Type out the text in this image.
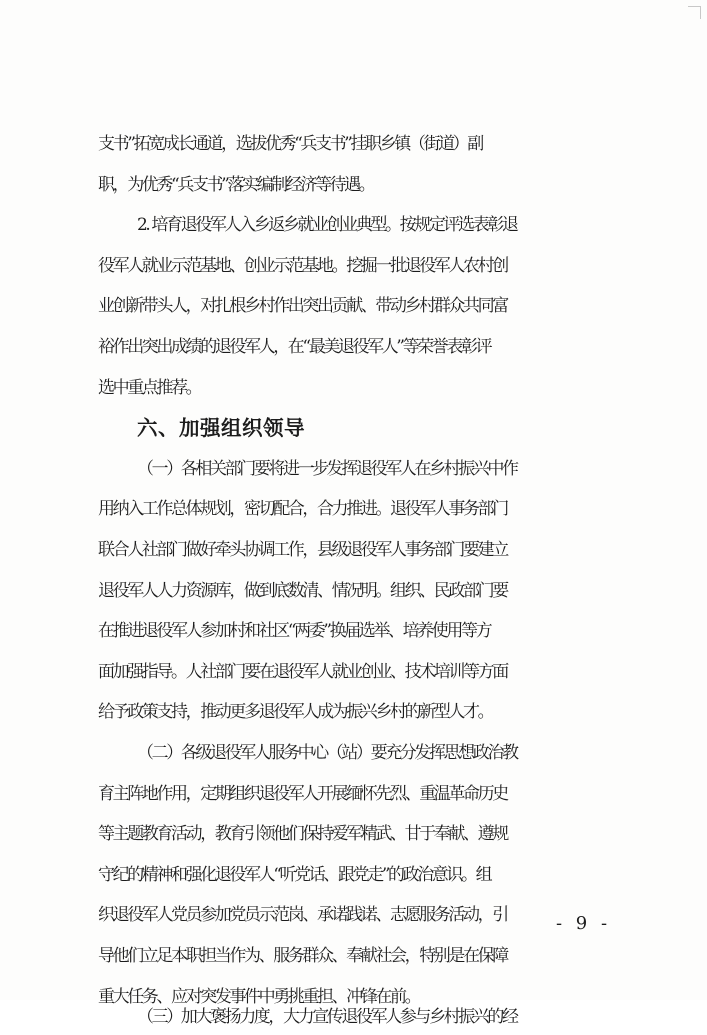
支书”拓宽成长通道，选拔优秀“兵支书”挂职乡镇（街道）副
职，为优秀“兵支书”落实编制经济等待遇。
2. 培育退役军人入乡返乡就业创业典型。按规定评选表彰退
役军人就业示范基地、创业示范基地。挖掘一批退役军人农村创
业创新带头人，对扎根乡村作出突出贡献、带动乡村群众共同富
裕作出突出成绩的退役军人，在“最美退役军人”等荣誉表彰评
选中重点推荐。
六、加强组织领导
（一）各相关部门要将进一步发挥退役军人在乡村振兴中作
用纳入工作总体规划，密切配合，合力推进。退役军人事务部门
联合人社部门做好牵头协调工作，县级退役军人事务部门要建立
退役军人人力资源库，做到底数清、情况明。组织、民政部门要
在推进退役军人参加村和社区“两委”换届选举、培养使用等方
面加强指导。人社部门要在退役军人就业创业、技术培训等方面
给予政策支持，推动更多退役军人成为振兴乡村的新型人才。
（二）各级退役军人服务中心（站）要充分发挥思想政治教
育主阵地作用，定期组织退役军人开展缅怀先烈、重温革命历史
等主题教育活动，教育引领他们保持爱军精武、甘于奉献、遵规
守纪的精神和强化退役军人“听党话、跟党走”的政治意识。组
织退役军人党员参加党员示范岗、承诺践诺、志愿服务活动，引
导他们立足本职担当作为、服务群众、奉献社会，特别是在保障
重大任务、应对突发事件中勇挑重担、冲锋在前。
（三）加大褒扬力度，大力宣传退役军人参与乡村振兴的经
- 9 -
